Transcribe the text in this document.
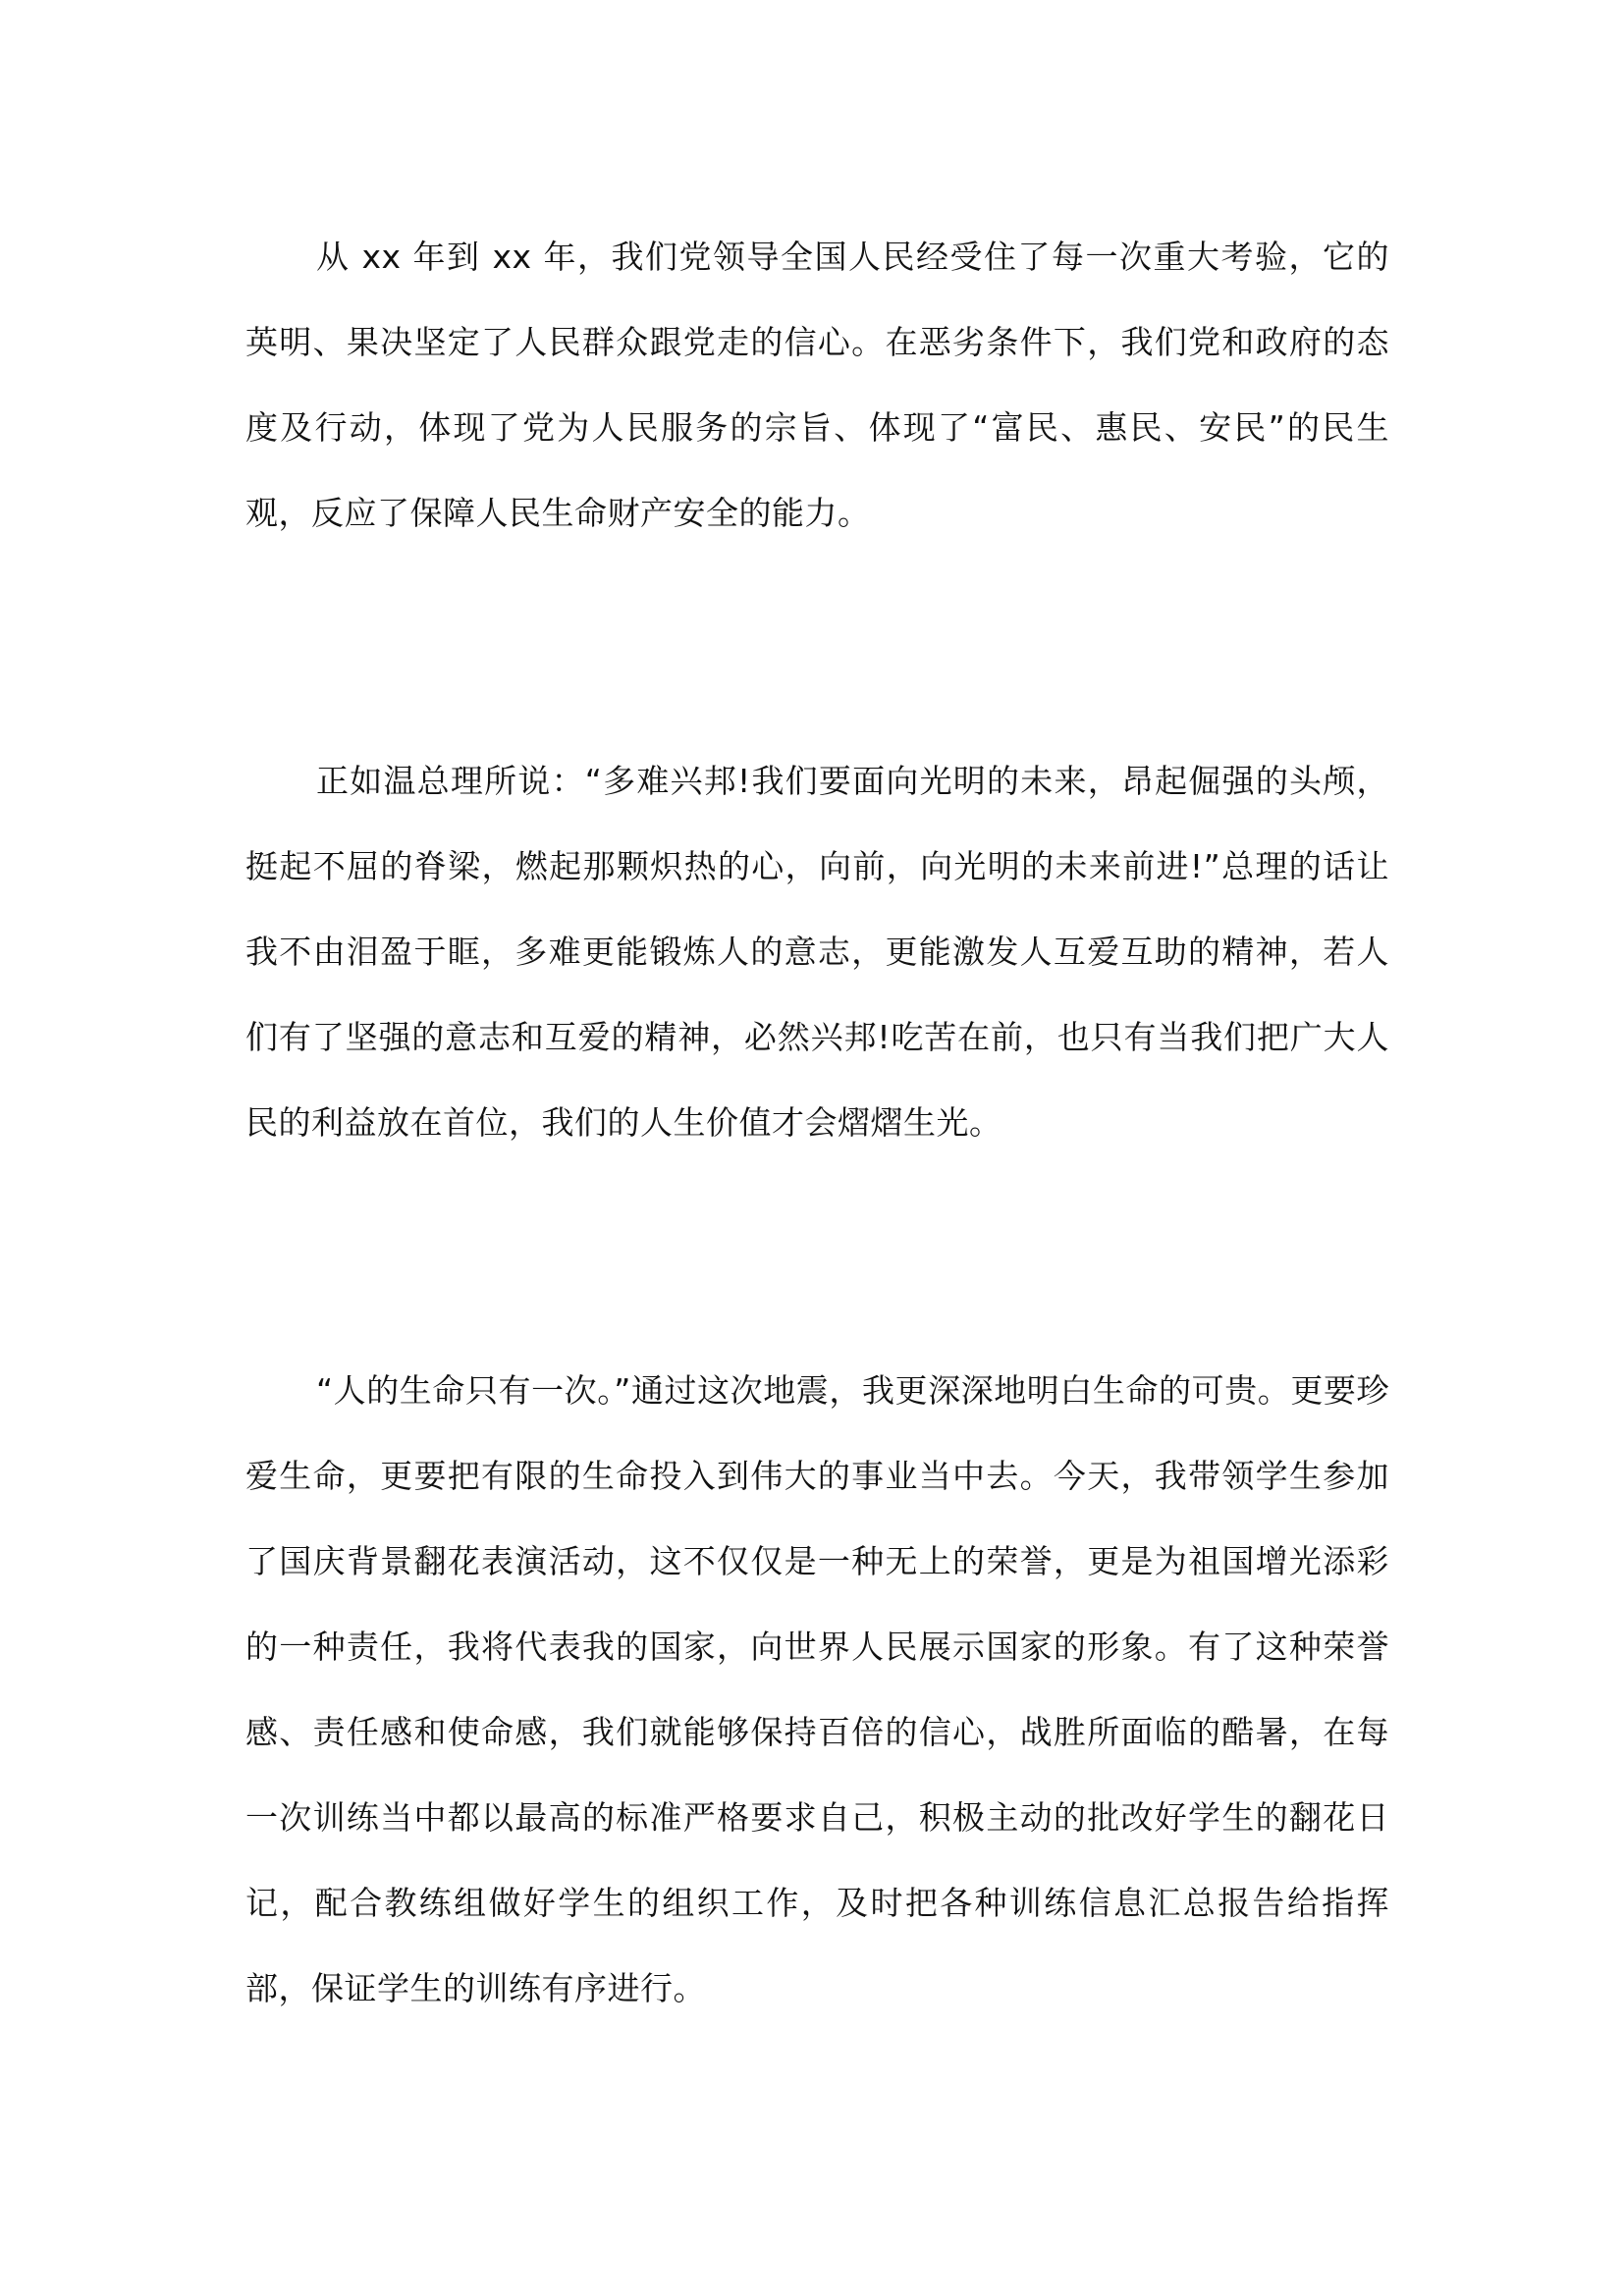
从 xx 年到 xx 年，我们党领导全国人民经受住了每一次重大考验，它的英明、果决坚定了人民群众跟党走的信心。在恶劣条件下，我们党和政府的态度及行动，体现了党为人民服务的宗旨、体现了“富民、惠民、安民”的民生观，反应了保障人民生命财产安全的能力。

正如温总理所说：“多难兴邦!我们要面向光明的未来，昂起倔强的头颅，挺起不屈的脊梁，燃起那颗炽热的心，向前，向光明的未来前进!”总理的话让我不由泪盈于眶，多难更能锻炼人的意志，更能激发人互爱互助的精神，若人们有了坚强的意志和互爱的精神，必然兴邦!吃苦在前，也只有当我们把广大人民的利益放在首位，我们的人生价值才会熠熠生光。

“人的生命只有一次。”通过这次地震，我更深深地明白生命的可贵。更要珍爱生命，更要把有限的生命投入到伟大的事业当中去。今天，我带领学生参加了国庆背景翻花表演活动，这不仅仅是一种无上的荣誉，更是为祖国增光添彩的一种责任，我将代表我的国家，向世界人民展示国家的形象。有了这种荣誉感、责任感和使命感，我们就能够保持百倍的信心，战胜所面临的酷暑，在每一次训练当中都以最高的标准严格要求自己，积极主动的批改好学生的翻花日记，配合教练组做好学生的组织工作，及时把各种训练信息汇总报告给指挥部，保证学生的训练有序进行。
